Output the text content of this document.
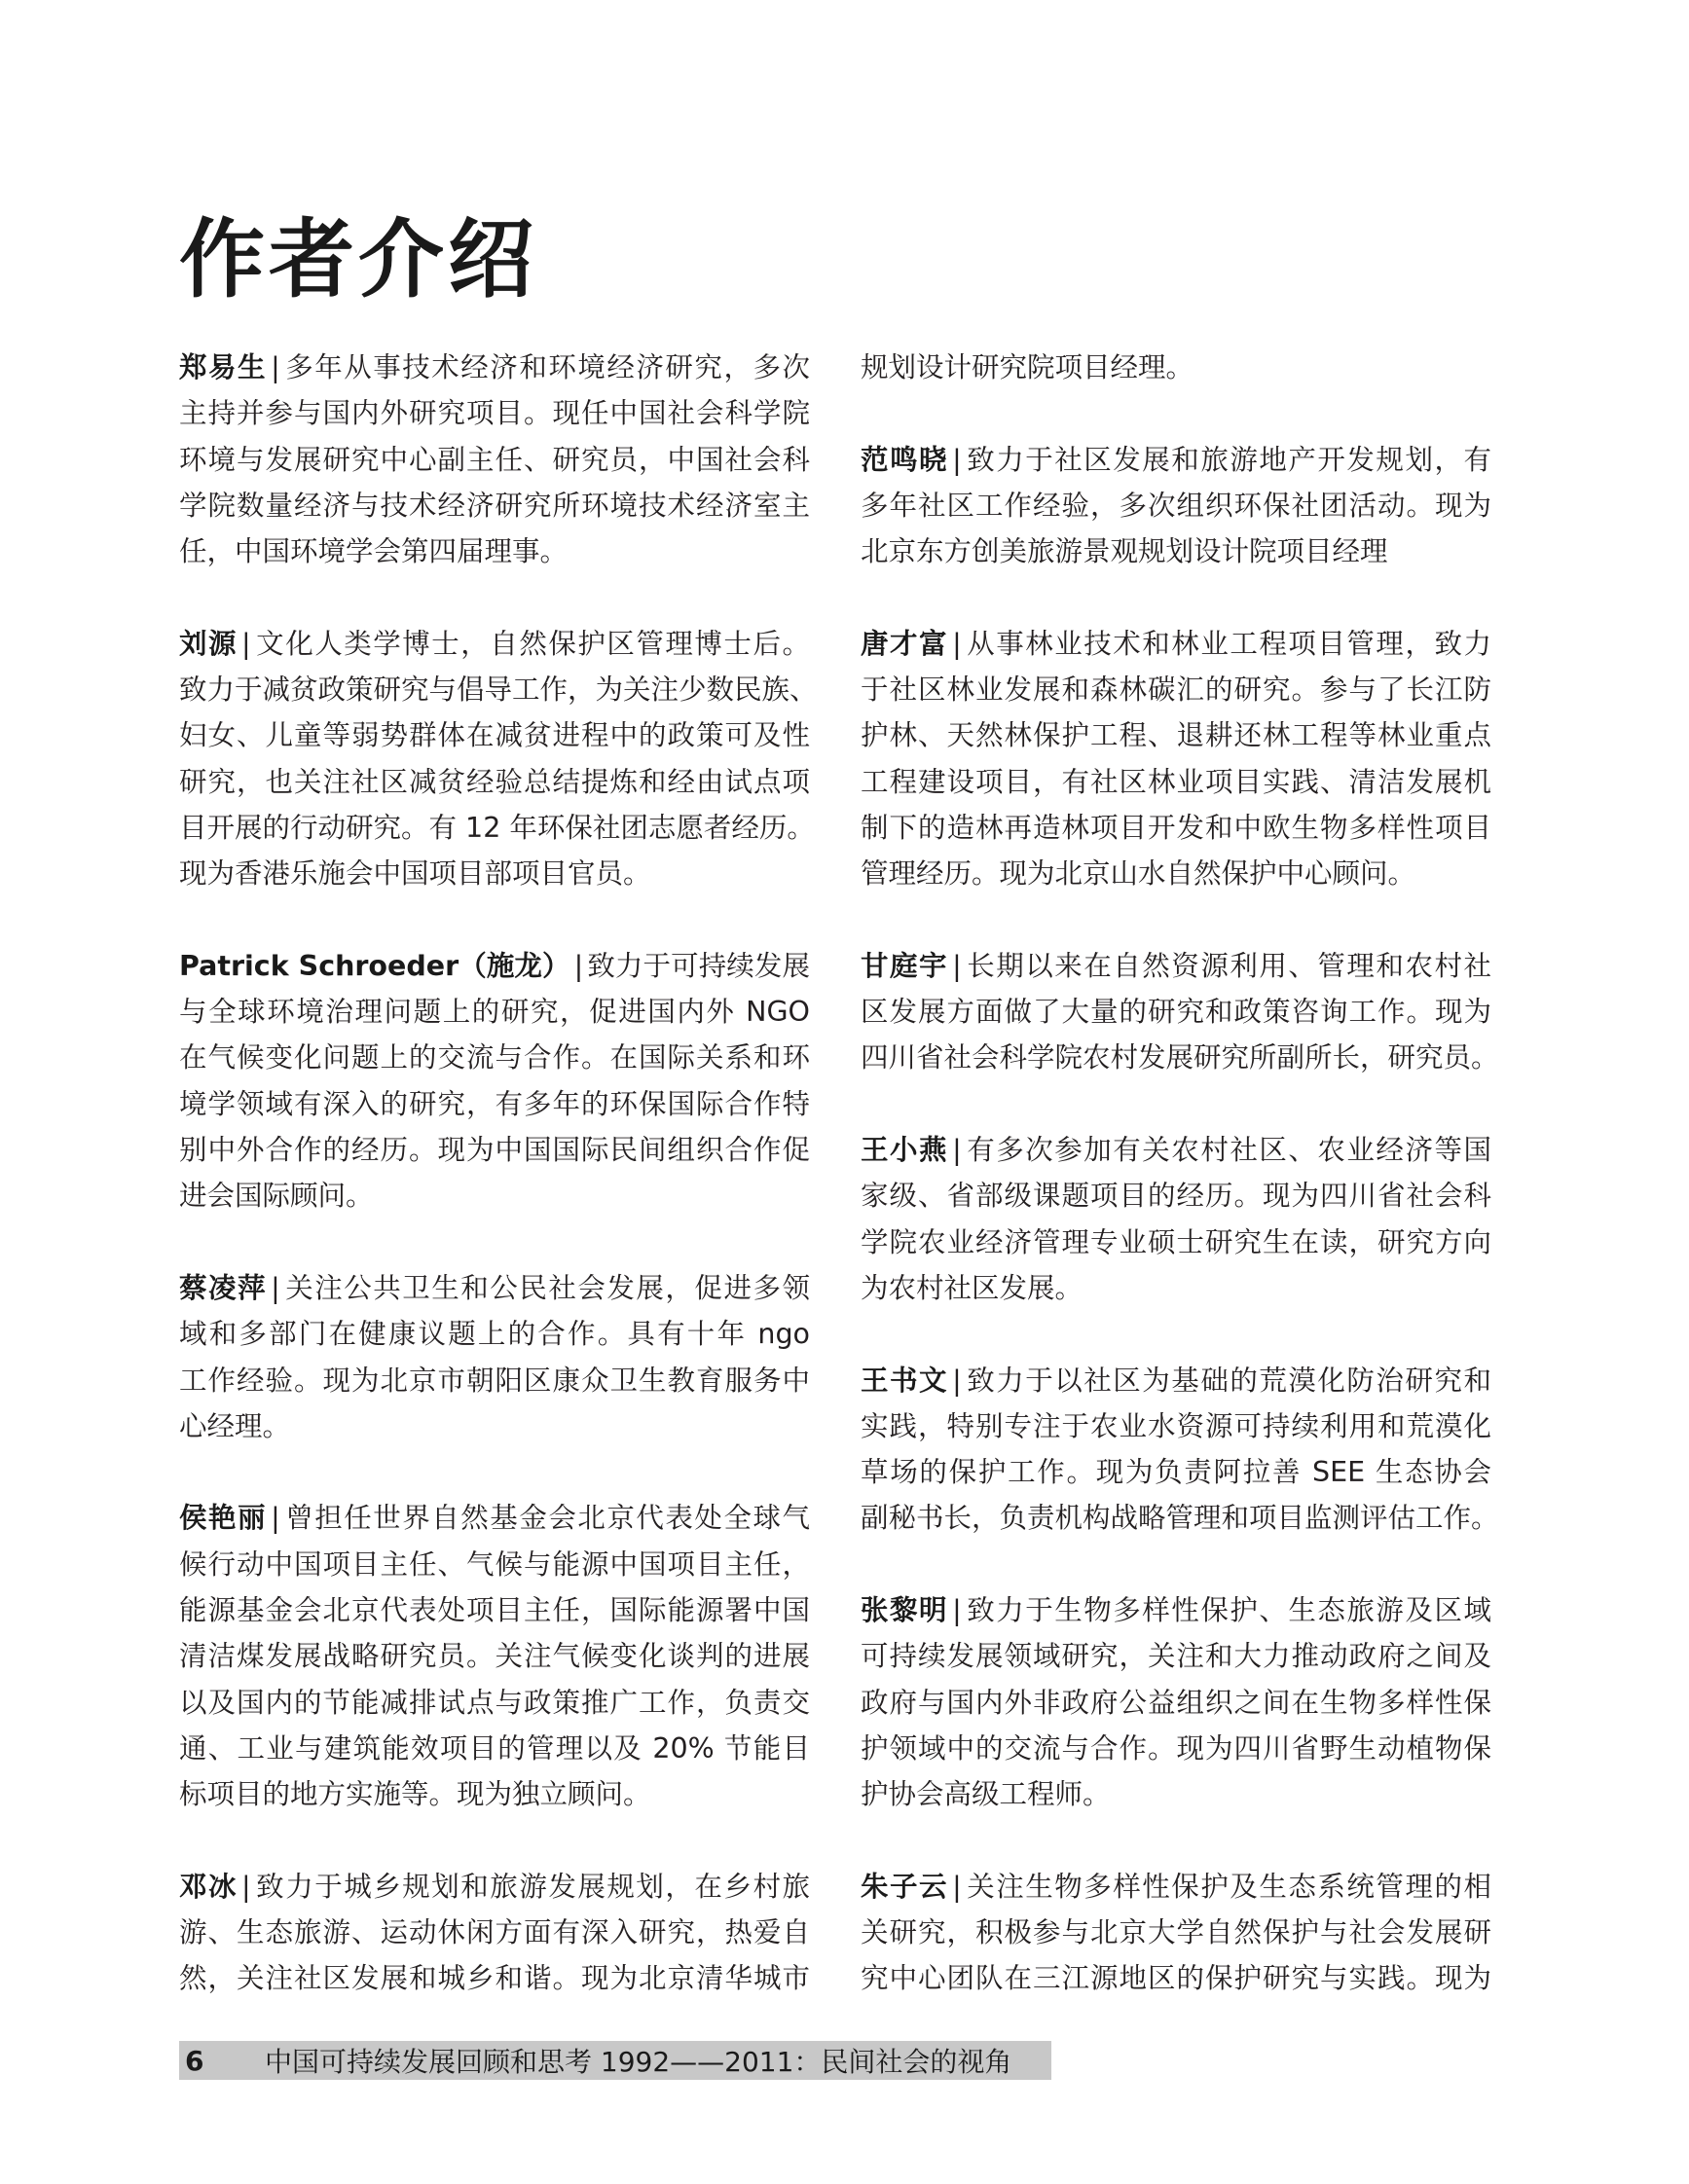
作者介绍
郑易生 | 多年从事技术经济和环境经济研究，多次
主持并参与国内外研究项目。现任中国社会科学院
环境与发展研究中心副主任、研究员，中国社会科
学院数量经济与技术经济研究所环境技术经济室主
任，中国环境学会第四届理事。
刘源 | 文化人类学博士，自然保护区管理博士后。
致力于减贫政策研究与倡导工作，为关注少数民族、
妇女、儿童等弱势群体在减贫进程中的政策可及性
研究，也关注社区减贫经验总结提炼和经由试点项
目开展的行动研究。有 12 年环保社团志愿者经历。
现为香港乐施会中国项目部项目官员。
Patrick Schroeder（施龙） | 致力于可持续发展
与全球环境治理问题上的研究，促进国内外 NGO
在气候变化问题上的交流与合作。在国际关系和环
境学领域有深入的研究，有多年的环保国际合作特
别中外合作的经历。现为中国国际民间组织合作促
进会国际顾问。
蔡凌萍 | 关注公共卫生和公民社会发展，促进多领
域和多部门在健康议题上的合作。具有十年 ngo
工作经验。现为北京市朝阳区康众卫生教育服务中
心经理。
侯艳丽 | 曾担任世界自然基金会北京代表处全球气
候行动中国项目主任、气候与能源中国项目主任，
能源基金会北京代表处项目主任，国际能源署中国
清洁煤发展战略研究员。关注气候变化谈判的进展
以及国内的节能减排试点与政策推广工作，负责交
通、工业与建筑能效项目的管理以及 20% 节能目
标项目的地方实施等。现为独立顾问。
邓冰 | 致力于城乡规划和旅游发展规划，在乡村旅
游、生态旅游、运动休闲方面有深入研究，热爱自
然，关注社区发展和城乡和谐。现为北京清华城市
规划设计研究院项目经理。
范鸣晓 | 致力于社区发展和旅游地产开发规划，有
多年社区工作经验，多次组织环保社团活动。现为
北京东方创美旅游景观规划设计院项目经理
唐才富 | 从事林业技术和林业工程项目管理，致力
于社区林业发展和森林碳汇的研究。参与了长江防
护林、天然林保护工程、退耕还林工程等林业重点
工程建设项目，有社区林业项目实践、清洁发展机
制下的造林再造林项目开发和中欧生物多样性项目
管理经历。现为北京山水自然保护中心顾问。
甘庭宇 | 长期以来在自然资源利用、管理和农村社
区发展方面做了大量的研究和政策咨询工作。现为
四川省社会科学院农村发展研究所副所长，研究员。
王小燕 | 有多次参加有关农村社区、农业经济等国
家级、省部级课题项目的经历。现为四川省社会科
学院农业经济管理专业硕士研究生在读，研究方向
为农村社区发展。
王书文 | 致力于以社区为基础的荒漠化防治研究和
实践，特别专注于农业水资源可持续利用和荒漠化
草场的保护工作。现为负责阿拉善 SEE 生态协会
副秘书长，负责机构战略管理和项目监测评估工作。
张黎明 | 致力于生物多样性保护、生态旅游及区域
可持续发展领域研究，关注和大力推动政府之间及
政府与国内外非政府公益组织之间在生物多样性保
护领域中的交流与合作。现为四川省野生动植物保
护协会高级工程师。
朱子云 | 关注生物多样性保护及生态系统管理的相
关研究，积极参与北京大学自然保护与社会发展研
究中心团队在三江源地区的保护研究与实践。现为
6	中国可持续发展回顾和思考 1992——2011：民间社会的视角
